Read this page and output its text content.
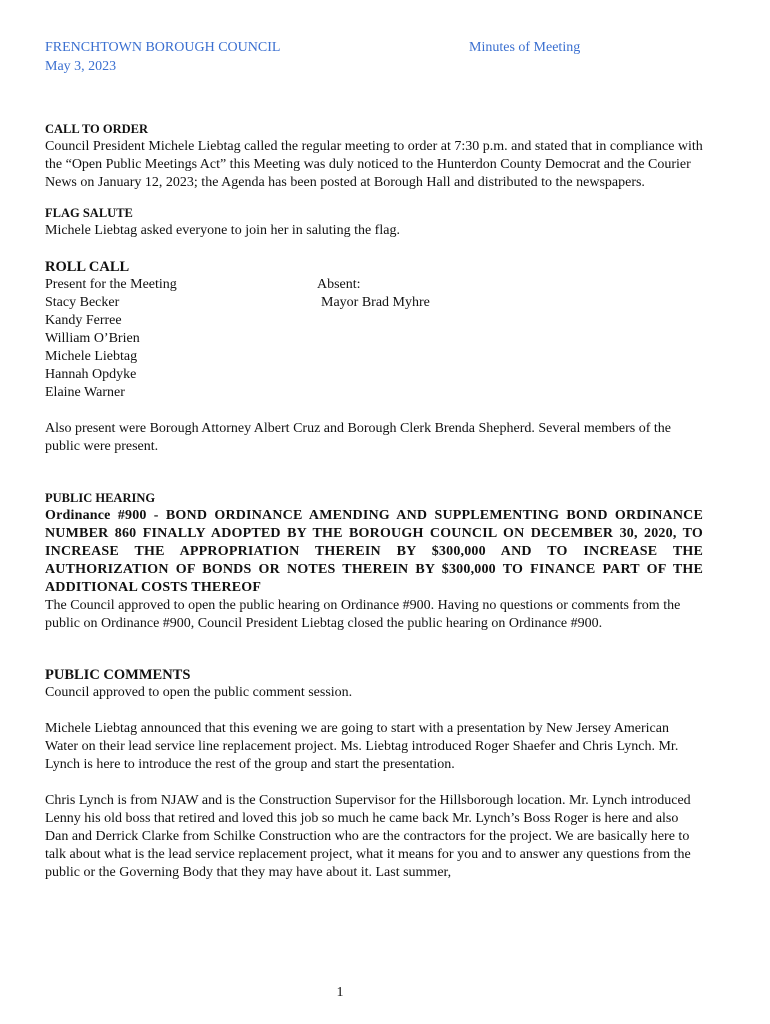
FRENCHTOWN BOROUGH COUNCIL
May 3, 2023
Minutes of Meeting
CALL TO ORDER

Council President Michele Liebtag called the regular meeting to order at 7:30 p.m. and stated that in compliance with the “Open Public Meetings Act” this Meeting was duly noticed to the Hunterdon County Democrat and the Courier News on January 12, 2023; the Agenda has been posted at Borough Hall and distributed to the newspapers.

FLAG SALUTE

Michele Liebtag asked everyone to join her in saluting the flag.

ROLL CALL
Present for the Meeting
Stacy Becker
Kandy Ferree
William O’Brien
Michele Liebtag
Hannah Opdyke
Elaine Warner
Absent:
Mayor Brad Myhre

Also present were Borough Attorney Albert Cruz and Borough Clerk Brenda Shepherd. Several members of the public were present.

PUBLIC HEARING

Ordinance #900 - BOND ORDINANCE AMENDING AND SUPPLEMENTING BOND ORDINANCE NUMBER 860 FINALLY ADOPTED BY THE BOROUGH COUNCIL ON DECEMBER 30, 2020, TO INCREASE THE APPROPRIATION THEREIN BY $300,000 AND TO INCREASE THE AUTHORIZATION OF BONDS OR NOTES THEREIN BY $300,000 TO FINANCE PART OF THE ADDITIONAL COSTS THEREOF

The Council approved to open the public hearing on Ordinance #900. Having no questions or comments from the public on Ordinance #900, Council President Liebtag closed the public hearing on Ordinance #900.

PUBLIC COMMENTS

Council approved to open the public comment session.

Michele Liebtag announced that this evening we are going to start with a presentation by New Jersey American Water on their lead service line replacement project. Ms. Liebtag introduced Roger Shaefer and Chris Lynch. Mr. Lynch is here to introduce the rest of the group and start the presentation.

Chris Lynch is from NJAW and is the Construction Supervisor for the Hillsborough location. Mr. Lynch introduced Lenny his old boss that retired and loved this job so much he came back Mr. Lynch’s Boss Roger is here and also Dan and Derrick Clarke from Schilke Construction who are the contractors for the project. We are basically here to talk about what is the lead service replacement project, what it means for you and to answer any questions from the public or the Governing Body that they may have about it. Last summer,

1
